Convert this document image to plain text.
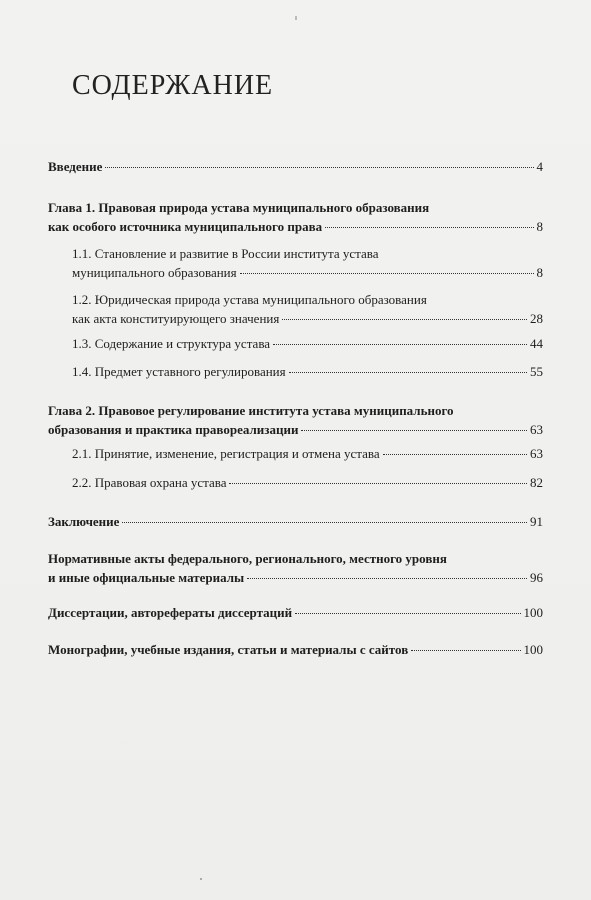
СОДЕРЖАНИЕ
Введение	4
Глава 1. Правовая природа устава муниципального образования
как особого источника муниципального права	8
1.1. Становление и развитие в России института устава
муниципального образования	8
1.2. Юридическая природа устава муниципального образования
как акта конституирующего значения	28
1.3. Содержание и структура устава	44
1.4. Предмет уставного регулирования	55
Глава 2. Правовое регулирование института устава муниципального
образования и практика правореализации	63
2.1. Принятие, изменение, регистрация и отмена устава	63
2.2. Правовая охрана устава	82
Заключение	91
Нормативные акты федерального, регионального, местного уровня
и иные официальные материалы	96
Диссертации, авторефераты диссертаций	100
Монографии, учебные издания, статьи и материалы с сайтов	100
